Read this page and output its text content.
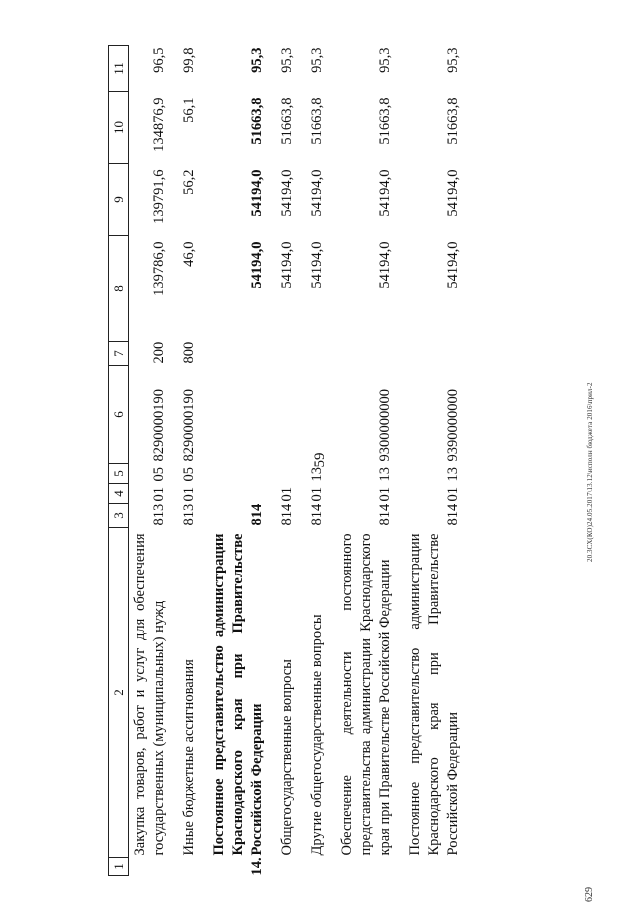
59	20.3СХ(КО)24.05.2017\13.12\исполн бюджета 2016\прил-2
629
1	2	3	4	5	6	7	8	9	10	11
	Закупка товаров, работ и услуг для обеспечения государственных (муниципальных) нужд	813	01	05	8290000190	200	139786,0	139791,6	134876,9	96,5
	Иные бюджетные ассигнования	813	01	05	8290000190	800	46,0	56,2	56,1	99,8
14.	Постоянное представительство администрации Краснодарского края при Правительстве Российской Федерации	814					54194,0	54194,0	51663,8	95,3
	Общегосударственные вопросы	814	01				54194,0	54194,0	51663,8	95,3
	Другие общегосударственные вопросы	814	01	13			54194,0	54194,0	51663,8	95,3
	Обеспечение деятельности постоянного представительства администрации Краснодарского края при Правительстве Российской Федерации	814	01	13	9300000000		54194,0	54194,0	51663,8	95,3
	Постоянное представительство администрации Краснодарского края при Правительстве Российской Федерации	814	01	13	9390000000		54194,0	54194,0	51663,8	95,3
